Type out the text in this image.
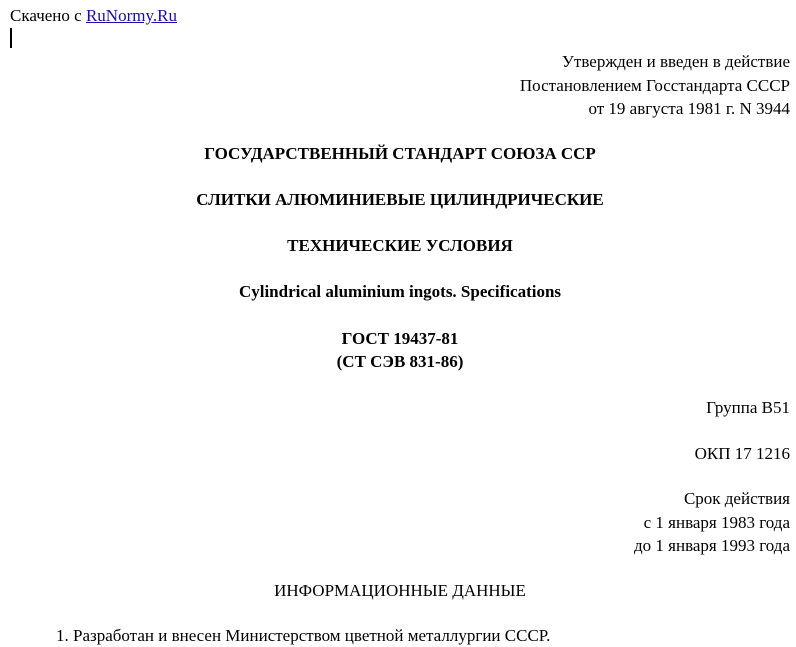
Скачено с RuNormy.Ru
Утвержден и введен в действие
Постановлением Госстандарта СССР
от 19 августа 1981 г. N 3944
ГОСУДАРСТВЕННЫЙ СТАНДАРТ СОЮЗА ССР
СЛИТКИ АЛЮМИНИЕВЫЕ ЦИЛИНДРИЧЕСКИЕ
ТЕХНИЧЕСКИЕ УСЛОВИЯ
Cylindrical aluminium ingots. Specifications
ГОСТ 19437-81
(СТ СЭВ 831-86)
Группа В51
ОКП 17 1216
Срок действия
с 1 января 1983 года
до 1 января 1993 года
ИНФОРМАЦИОННЫЕ ДАННЫЕ
1. Разработан и внесен Министерством цветной металлургии СССР.
